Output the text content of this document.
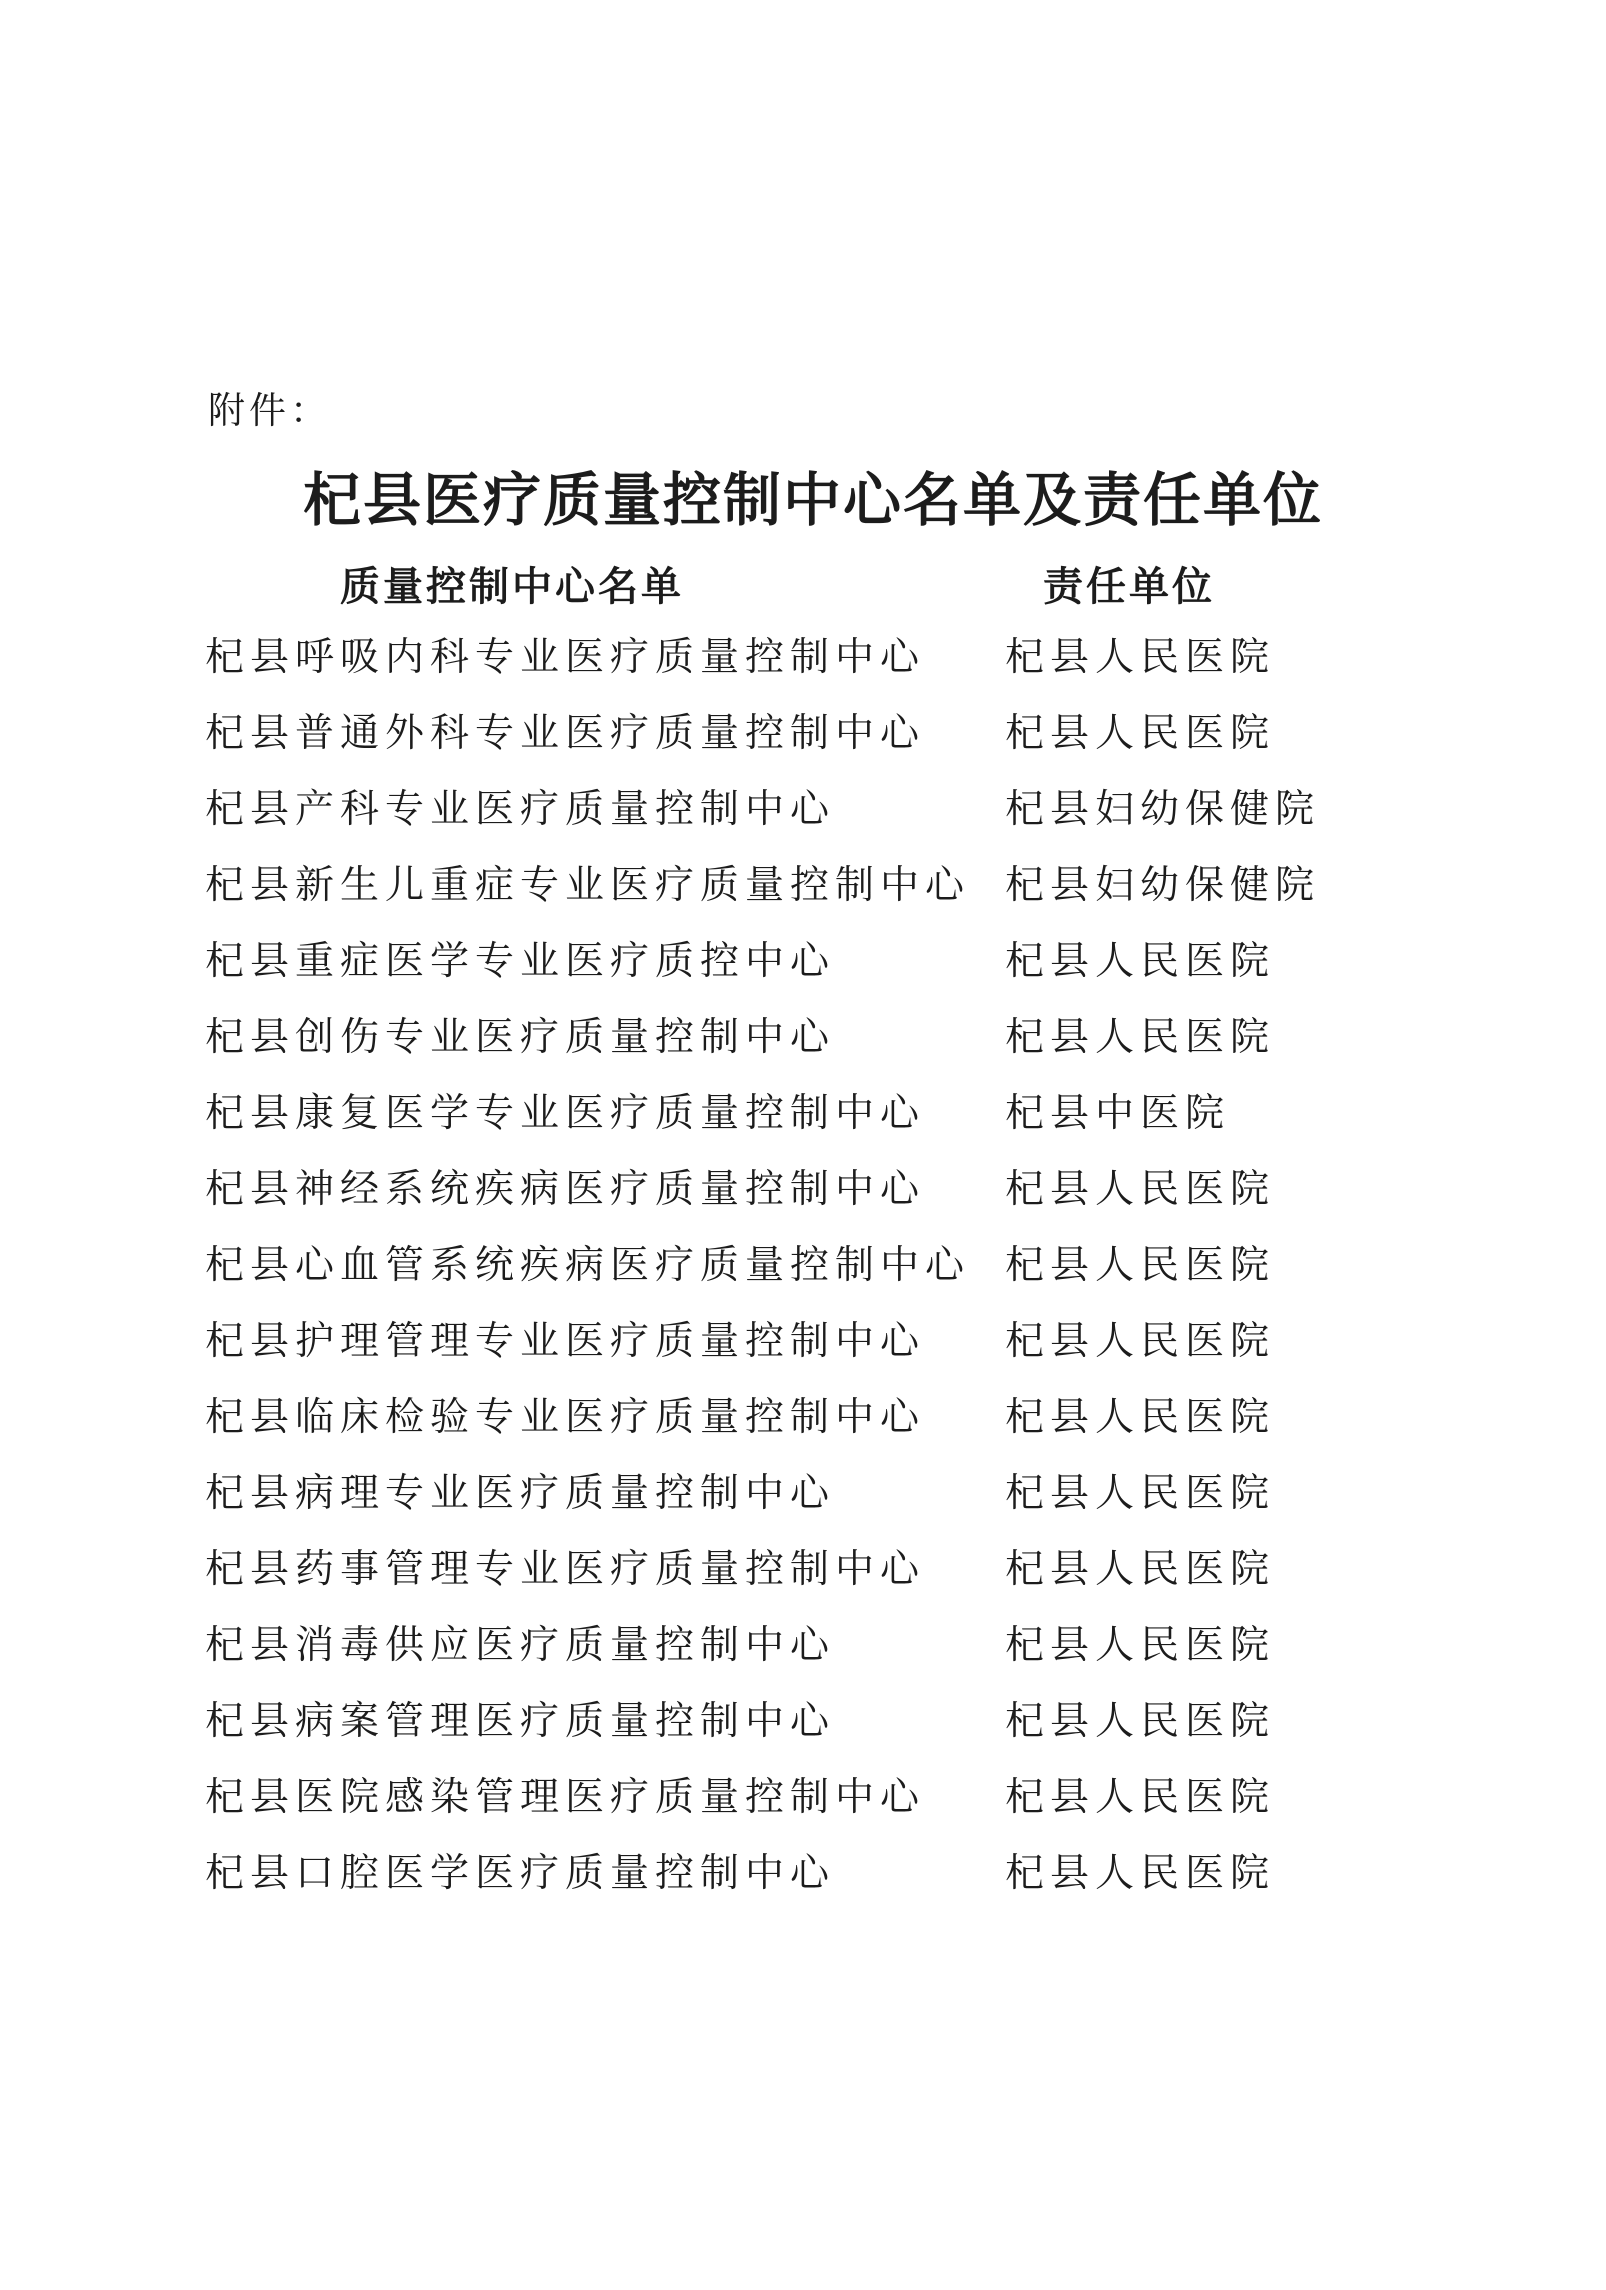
附件：
杞县医疗质量控制中心名单及责任单位
质量控制中心名单	责任单位
杞县呼吸内科专业医疗质量控制中心 杞县人民医院
杞县普通外科专业医疗质量控制中心 杞县人民医院
杞县产科专业医疗质量控制中心	杞县妇幼保健院
杞县新生儿重症专业医疗质量控制中心 杞县妇幼保健院
杞县重症医学专业医疗质控中心	杞县人民医院
杞县创伤专业医疗质量控制中心	杞县人民医院
杞县康复医学专业医疗质量控制中心 杞县中医院
杞县神经系统疾病医疗质量控制中心 杞县人民医院
杞县心血管系统疾病医疗质量控制中心 杞县人民医院
杞县护理管理专业医疗质量控制中心 杞县人民医院
杞县临床检验专业医疗质量控制中心 杞县人民医院
杞县病理专业医疗质量控制中心	杞县人民医院
杞县药事管理专业医疗质量控制中心 杞县人民医院
杞县消毒供应医疗质量控制中心	杞县人民医院
杞县病案管理医疗质量控制中心	杞县人民医院
杞县医院感染管理医疗质量控制中心 杞县人民医院
杞县口腔医学医疗质量控制中心	杞县人民医院
